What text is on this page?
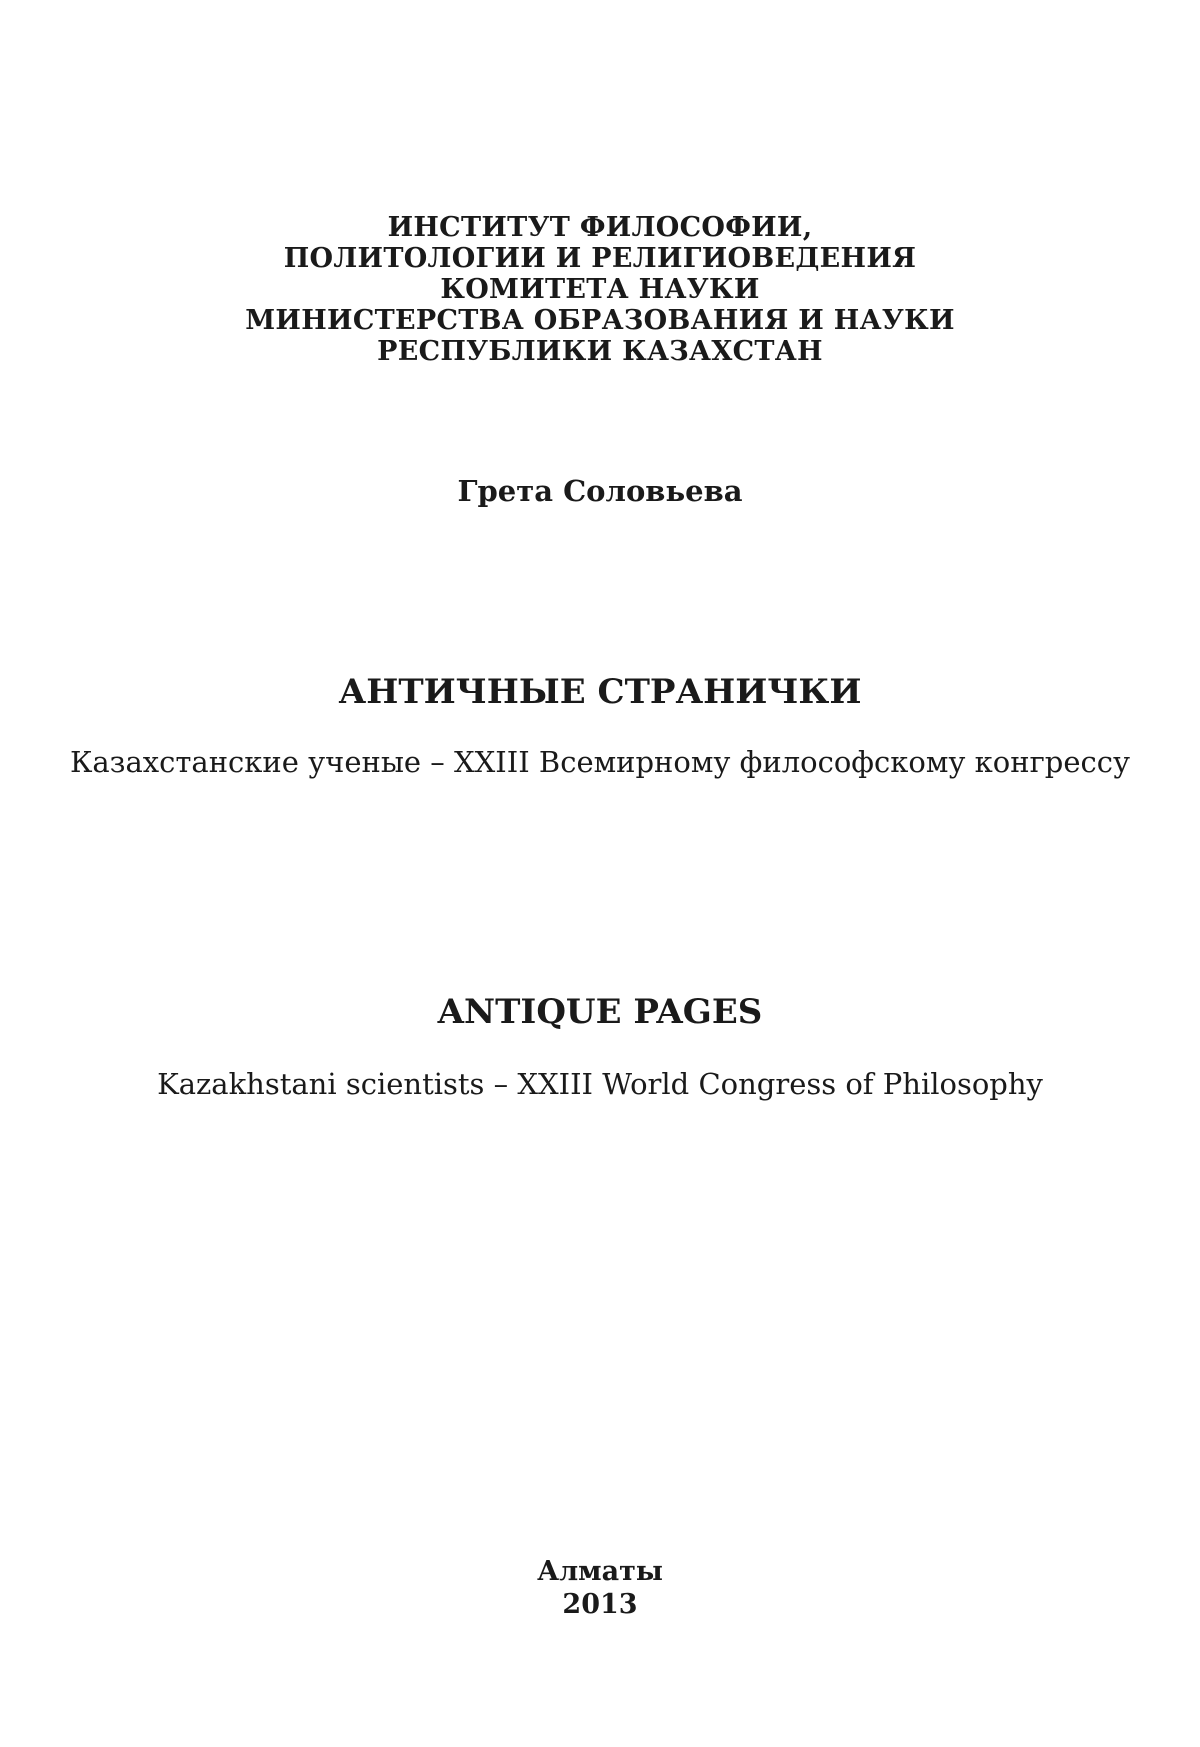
ИНСТИТУТ ФИЛОСОФИИ,
ПОЛИТОЛОГИИ И РЕЛИГИОВЕДЕНИЯ
КОМИТЕТА НАУКИ
МИНИСТЕРСТВА ОБРАЗОВАНИЯ И НАУКИ
РЕСПУБЛИКИ КАЗАХСТАН
Грета Соловьева
АНТИЧНЫЕ СТРАНИЧКИ
Казахстанские ученые – XXIII Всемирному философскому конгрессу
ANTIQUE PAGES
Kazakhstani scientists – XXIII World Congress of Philosophy
Алматы
2013
